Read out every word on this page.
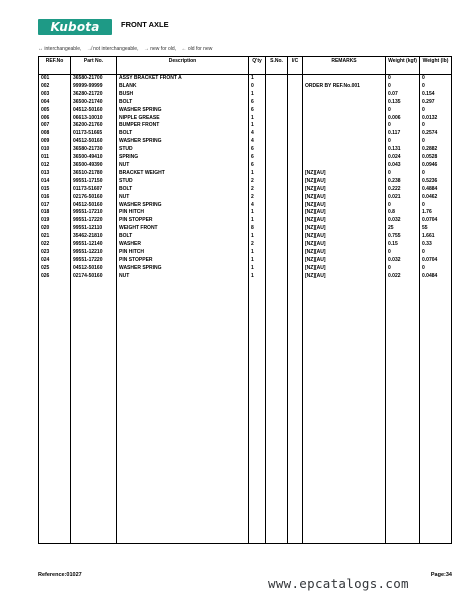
Kubota	FRONT AXLE
↔ interchangeable, ↛ not interchangeable, → new for old, ← old for new
REF.No	Part No.	Description	Q'ty	S.No.	I/C	REMARKS	Weight (kgf)	Weight (lb)
001	36580-21700	ASSY BRACKET FRONT A	1				0	0
002	99999-99999	BLANK	0			ORDER BY REF.No.001	0	0
003	36280-21720	BUSH	1				0.07	0.154
004	36500-21740	BOLT	6				0.135	0.297
005	04512-50160	WASHER SPRING	6				0	0
006	06613-10010	NIPPLE GREASE	1				0.006	0.0132
007	36200-21760	BUMPER FRONT	1				0	0
008	01173-51665	BOLT	4				0.117	0.2574
009	04512-50160	WASHER SPRING	4				0	0
010	36580-21730	STUD	6				0.131	0.2882
011	36500-49410	SPRING	6				0.024	0.0528
012	36500-49390	NUT	6				0.043	0.0946
013	36510-21780	BRACKET WEIGHT	1			[NZ][AU]	0	0
014	99551-17150	STUD	2			[NZ][AU]	0.238	0.5236
015	01173-51607	BOLT	2			[NZ][AU]	0.222	0.4884
016	02176-50160	NUT	2			[NZ][AU]	0.021	0.0462
017	04512-50160	WASHER SPRING	4			[NZ][AU]	0	0
018	99551-17210	PIN HITCH	1			[NZ][AU]	0.8	1.76
019	99551-17220	PIN STOPPER	1			[NZ][AU]	0.032	0.0704
020	99551-12110	WEIGHT FRONT	8			[NZ][AU]	25	55
021	35462-21810	BOLT	1			[NZ][AU]	0.755	1.661
022	99551-12140	WASHER	2			[NZ][AU]	0.15	0.33
023	99551-12210	PIN HITCH	1			[NZ][AU]	0	0
024	99551-17220	PIN STOPPER	1			[NZ][AU]	0.032	0.0704
025	04512-50160	WASHER SPRING	1			[NZ][AU]	0	0
026	02174-50160	NUT	1			[NZ][AU]	0.022	0.0484

Reference:01027
www.epcatalogs.com
Page:34
